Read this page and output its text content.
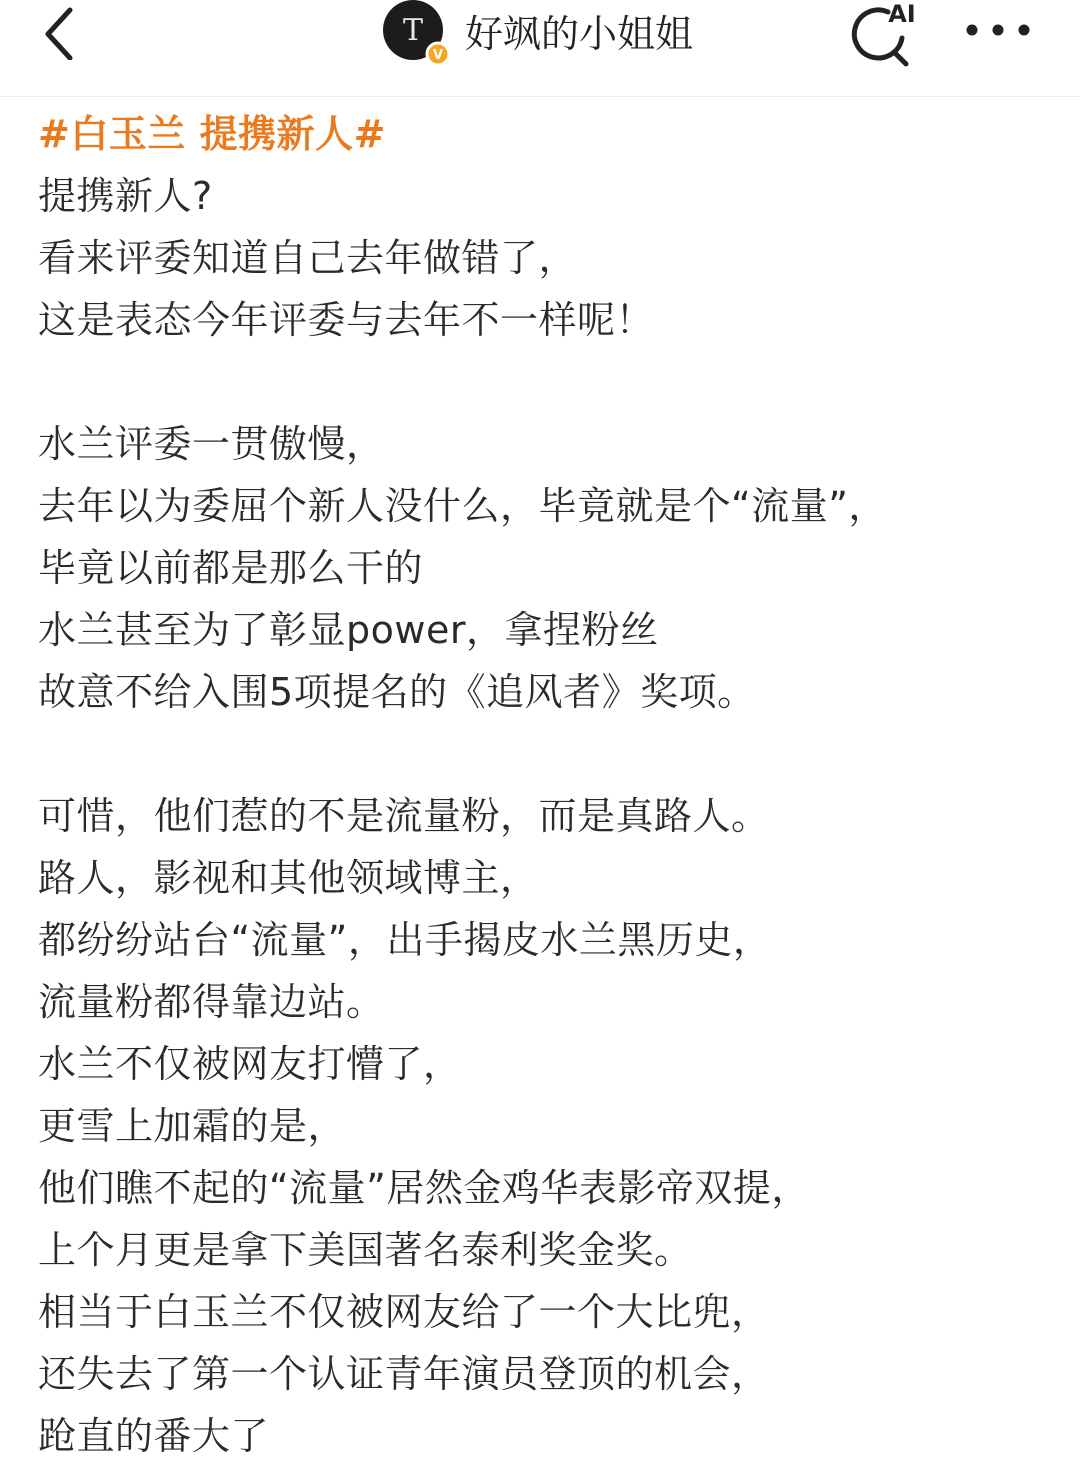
T
V 好飒的小姐姐	AI
#白玉兰 提携新人#
提携新人?
看来评委知道自己去年做错了，
这是表态今年评委与去年不一样呢！
水兰评委一贯傲慢，
去年以为委屈个新人没什么，毕竟就是个“流量”，
毕竟以前都是那么干的
水兰甚至为了彰显power，拿捏粉丝
故意不给入围5项提名的《追风者》奖项。
可惜，他们惹的不是流量粉，而是真路人。
路人，影视和其他领域博主，
都纷纷站台“流量”，出手揭皮水兰黑历史，
流量粉都得靠边站。
水兰不仅被网友打懵了，
更雪上加霜的是，
他们瞧不起的“流量”居然金鸡华表影帝双提，
上个月更是拿下美国著名泰利奖金奖。
相当于白玉兰不仅被网友给了一个大比兜，
还失去了第一个认证青年演员登顶的机会，
跄直的番大了
